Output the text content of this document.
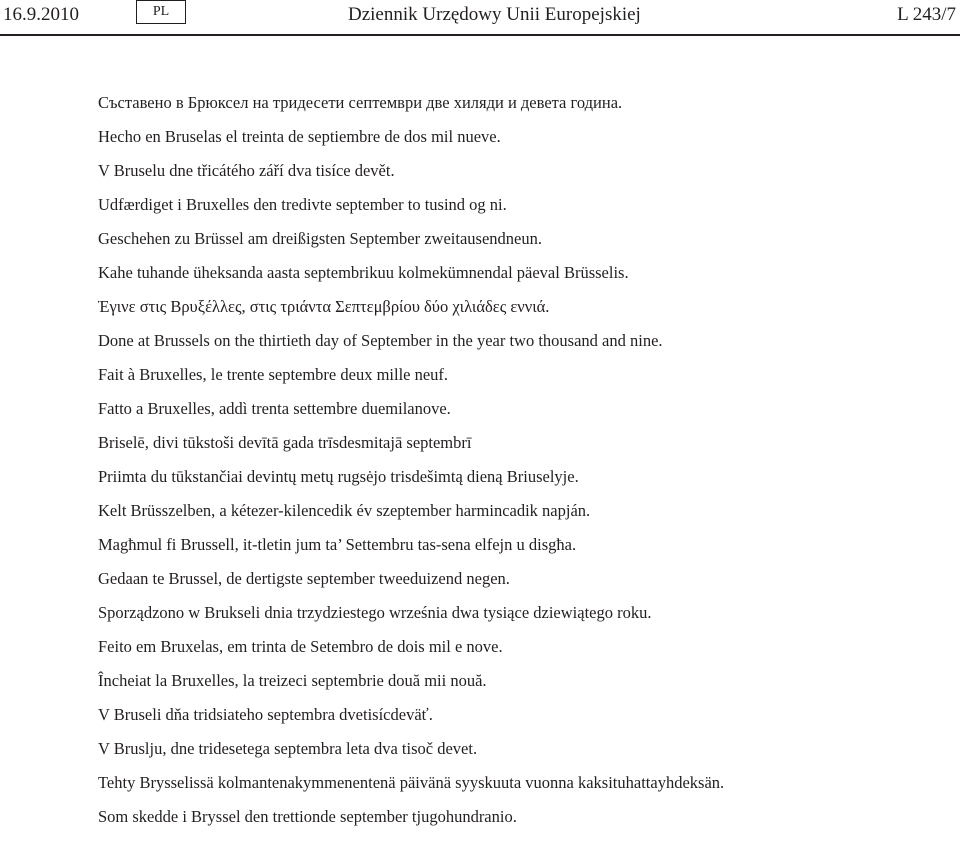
16.9.2010	PL	Dziennik Urzędowy Unii Europejskiej	L 243/7
Съставено в Брюксел на тридесети септември две хиляди и девета година.
Hecho en Bruselas el treinta de septiembre de dos mil nueve.
V Bruselu dne třicátého září dva tisíce devět.
Udfærdiget i Bruxelles den tredivte september to tusind og ni.
Geschehen zu Brüssel am dreißigsten September zweitausendneun.
Kahe tuhande üheksanda aasta septembrikuu kolmekümnendal päeval Brüsselis.
Έγινε στις Βρυξέλλες, στις τριάντα Σεπτεμβρίου δύο χιλιάδες εννιά.
Done at Brussels on the thirtieth day of September in the year two thousand and nine.
Fait à Bruxelles, le trente septembre deux mille neuf.
Fatto a Bruxelles, addì trenta settembre duemilanove.
Briselē, divi tūkstoši devītā gada trīsdesmitajā septembrī
Priimta du tūkstančiai devintų metų rugsėjo trisdešimtą dieną Briuselyje.
Kelt Brüsszelben, a kétezer-kilencedik év szeptember harmincadik napján.
Magħmul fi Brussell, it-tletin jum ta’ Settembru tas-sena elfejn u disgħa.
Gedaan te Brussel, de dertigste september tweeduizend negen.
Sporządzono w Brukseli dnia trzydziestego września dwa tysiące dziewiątego roku.
Feito em Bruxelas, em trinta de Setembro de dois mil e nove.
Încheiat la Bruxelles, la treizeci septembrie două mii nouă.
V Bruseli dňa tridsiateho septembra dvetisícdeväť.
V Bruslju, dne tridesetega septembra leta dva tisoč devet.
Tehty Brysselissä kolmantenakymmenentenä päivänä syyskuuta vuonna kaksituhattayhdeksän.
Som skedde i Bryssel den trettionde september tjugohundranio.
